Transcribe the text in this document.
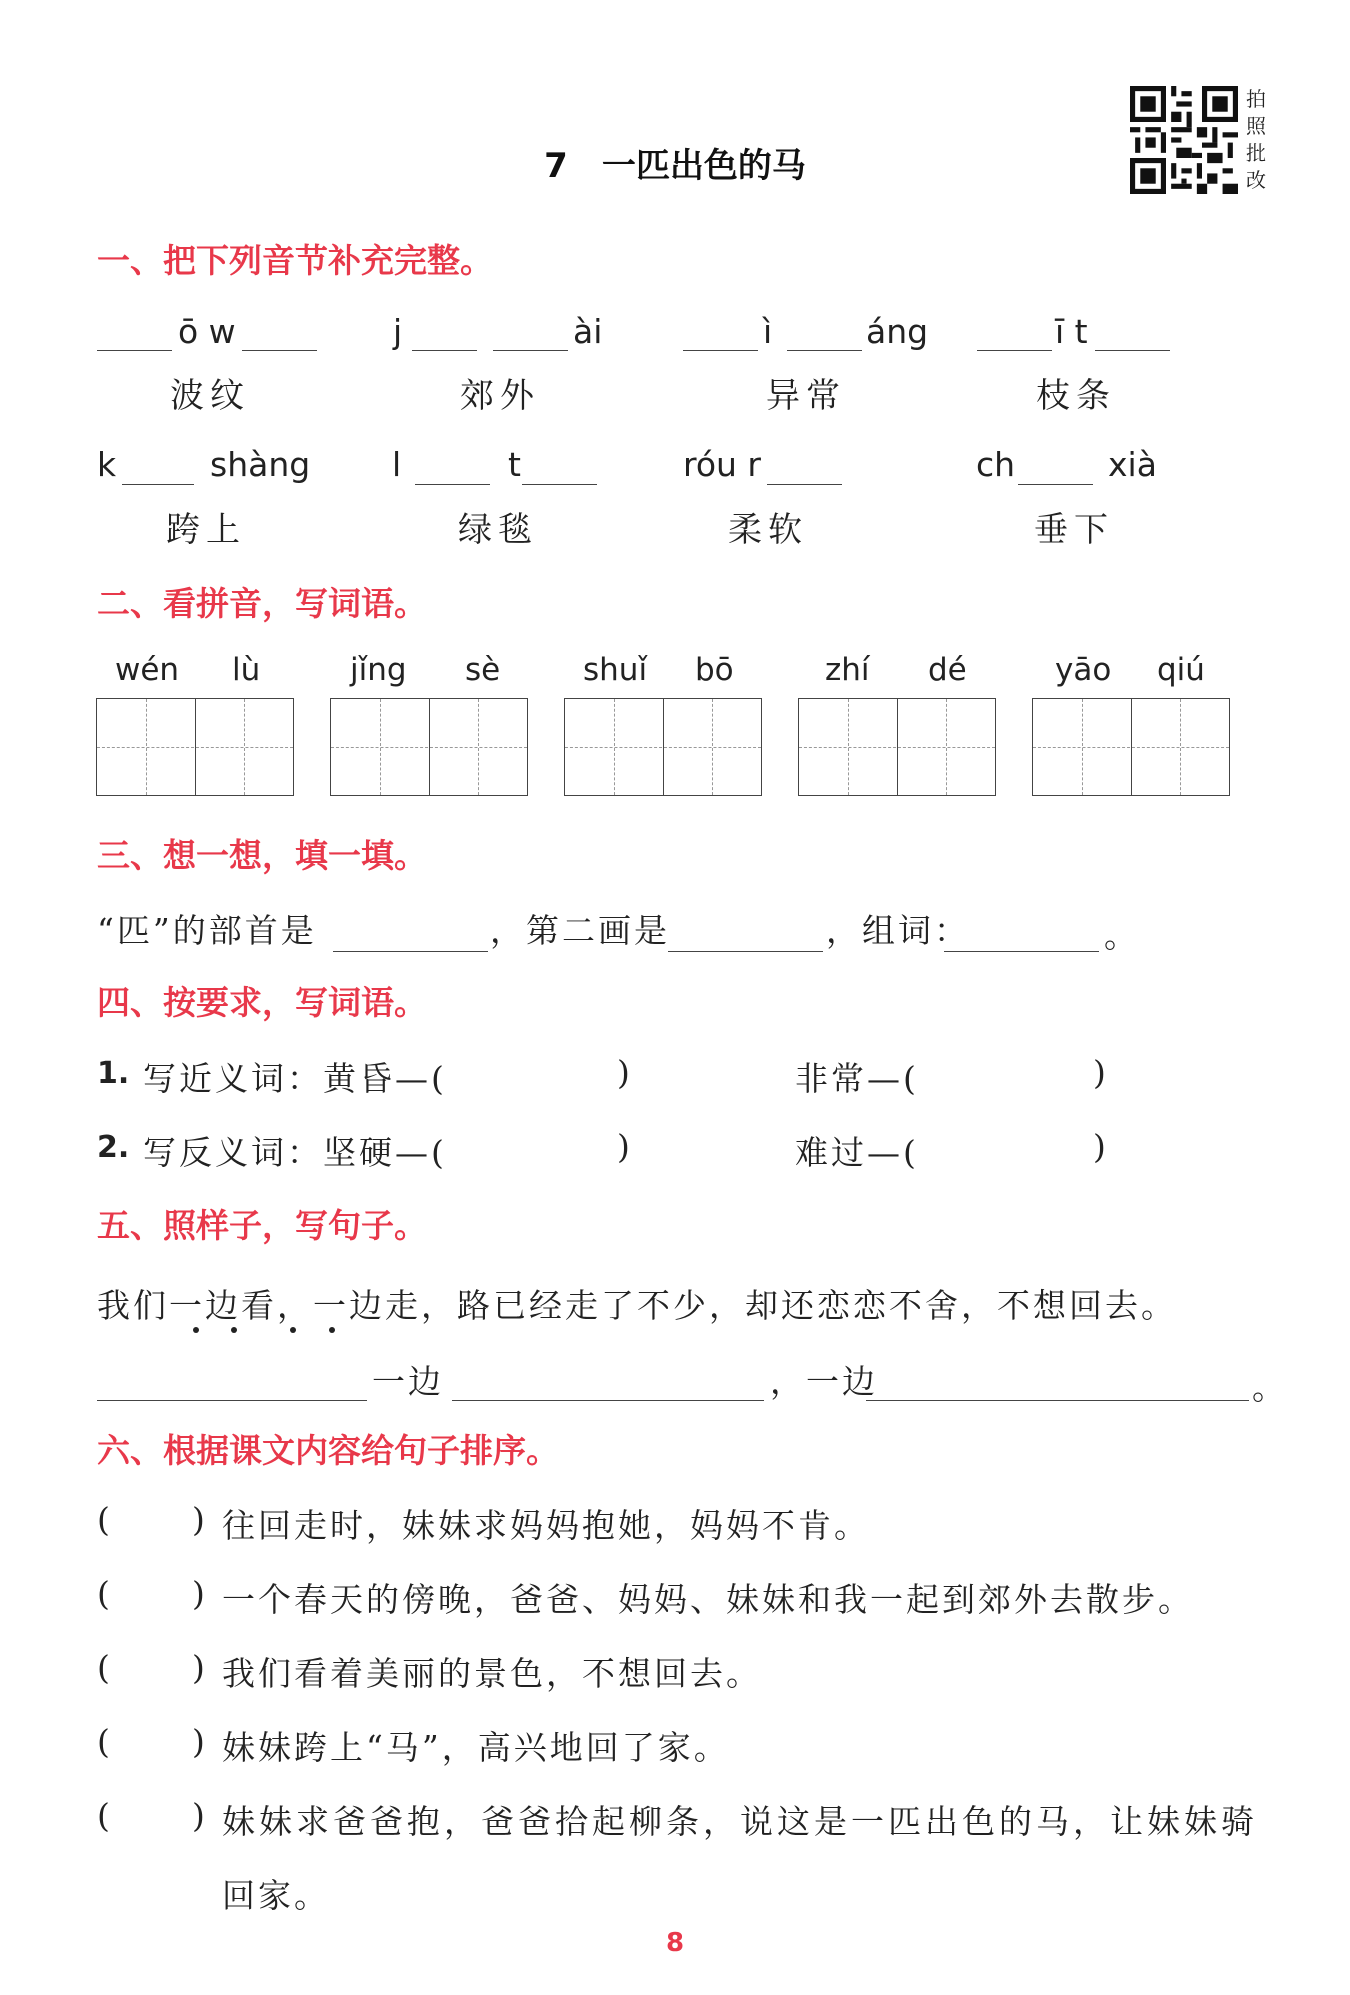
7　一匹出色的马
拍照批改
一、把下列音节补充完整。
ō w	j	ài	ì	áng	ī t
波纹	郊外	异常	枝条
k	shàng l	t	róu r	ch	xià
跨上	绿毯	柔软	垂下
二、看拼音，写词语。
wén lù	jǐng sè	shuǐ bō	zhí dé	yāo qiú
三、想一想，填一填。
“匹”的部首是	，第二画是	，组词：	。
四、按要求，写词语。
1. 写近义词：黄昏—(	)	非常—(	)
2. 写反义词：坚硬—(	)	难过—(	)
五、照样子，写句子。
我们一边看，一边走，路已经走了不少，却还恋恋不舍，不想回去。
一边	，一边	。
六、根据课文内容给句子排序。
( ) 往回走时，妹妹求妈妈抱她，妈妈不肯。
( ) 一个春天的傍晚，爸爸、妈妈、妹妹和我一起到郊外去散步。
( ) 我们看着美丽的景色，不想回去。
( ) 妹妹跨上“马”，高兴地回了家。
( ) 妹妹求爸爸抱，爸爸拾起柳条，说这是一匹出色的马，让妹妹骑
回家。
8
